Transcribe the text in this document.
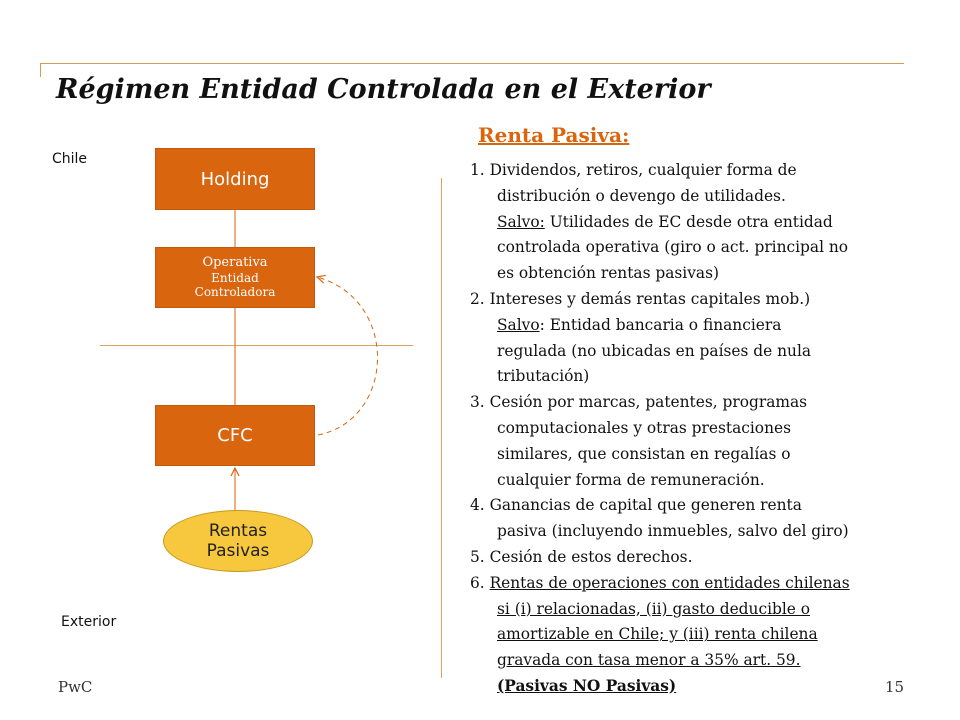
Régimen Entidad Controlada en el Exterior
Chile
Exterior
Holding
Operativa
Entidad
Controladora
CFC
Rentas
Pasivas
Renta Pasiva:
1. Dividendos, retiros, cualquier forma de
distribución o devengo de utilidades.
Salvo: Utilidades de EC desde otra entidad
controlada operativa (giro o act. principal no
es obtención rentas pasivas)
2. Intereses y demás rentas capitales mob.)
Salvo: Entidad bancaria o financiera
regulada (no ubicadas en países de nula
tributación)
3. Cesión por marcas, patentes, programas
computacionales y otras prestaciones
similares, que consistan en regalías o
cualquier forma de remuneración.
4. Ganancias de capital que generen renta
pasiva (incluyendo inmuebles, salvo del giro)
5. Cesión de estos derechos.
6. Rentas de operaciones con entidades chilenas
si (i) relacionadas, (ii) gasto deducible o
amortizable en Chile; y (iii) renta chilena
gravada con tasa menor a 35% art. 59.
(Pasivas NO Pasivas)
PwC	15
